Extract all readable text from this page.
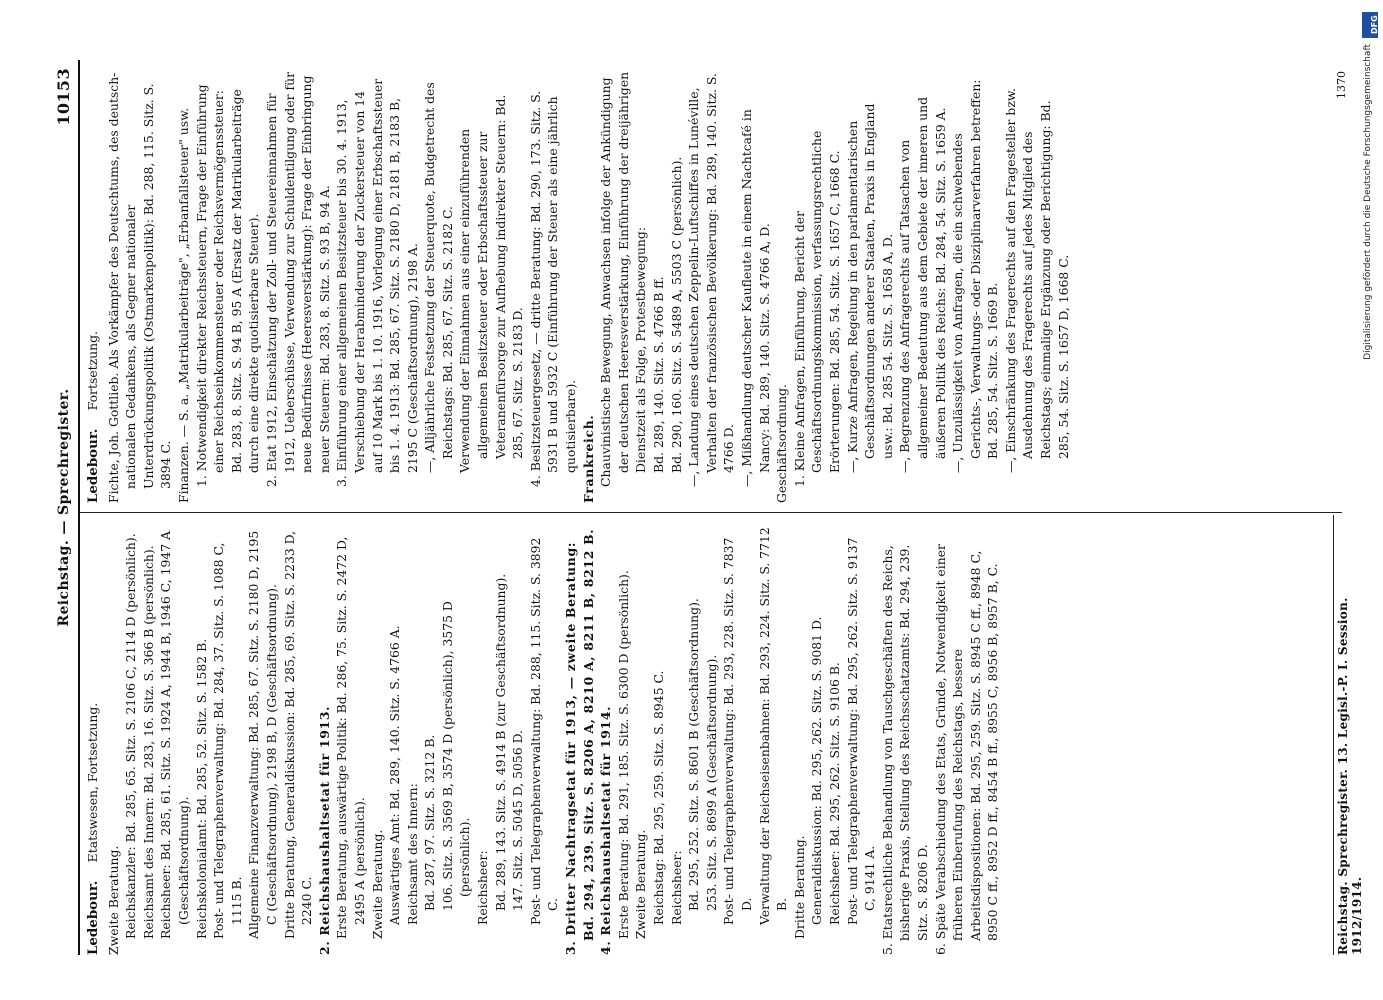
Reichstag. — Sprechregister.
10153
Ledebour. Etatswesen, Fortsetzung.

Zweite Beratung. Reichskanzler: Bd. 285, 65. Sitz. S. 2106 C, 2114 D (persönlich). Reichsamt des Innern: Bd. 283, 16. Sitz. S. 366 B (persönlich). Reichsheer: Bd. 285, 61. Sitz. S. 1924 A, 1944 B, 1946 C, 1947 A (Geschäftsordnung). Reichskolonialamt: Bd. 285, 52. Sitz. S. 1582 B. Post- und Telegraphenverwaltung: Bd. 284, 37. Sitz. S. 1088 C, 1115 B. Allgemeine Finanzverwaltung: Bd. 285, 67. Sitz. S. 2180 D, 2195 C (Geschäftsordnung), 2198 B, D (Geschäftsordnung). Dritte Beratung, Generaldiskussion: Bd. 285, 69. Sitz. S. 2233 D, 2240 C. 2. Reichshaushaltsetat für 1913. Erste Beratung, auswärtige Politik: Bd. 286, 75. Sitz. S. 2472 D, 2495 A (persönlich). Zweite Beratung. Auswärtiges Amt: Bd. 289, 140. Sitz. S. 4766 A. Reichsamt des Innern: Bd. 287, 97. Sitz. S. 3212 B. 106. Sitz. S. 3569 B, 3574 D (persönlich), 3575 D (persönlich). Reichsheer: Bd. 289, 143. Sitz. S. 4914 B (zur Geschäftsordnung). 147. Sitz. S. 5045 D, 5056 D. Post- und Telegraphenverwaltung: Bd. 288, 115. Sitz. S. 3892 C. 3. Dritter Nachtragsetat für 1913, — zweite Beratung: Bd. 294, 239. Sitz. S. 8206 A, 8210 A, 8211 B, 8212 B. 4. Reichshaushaltsetat für 1914. Erste Beratung: Bd. 291, 185. Sitz. S. 6300 D (persönlich). Zweite Beratung. Reichstag: Bd. 295, 259. Sitz. S. 8945 C. Reichsheer: Bd. 295, 252. Sitz. S. 8601 B (Geschäftsordnung). 253. Sitz. S. 8699 A (Geschäftsordnung). Post- und Telegraphenverwaltung: Bd. 293, 228. Sitz. S. 7837 D. Verwaltung der Reichseisenbahnen: Bd. 293, 224. Sitz. S. 7712 B. Dritte Beratung. Generaldiskussion: Bd. 295, 262. Sitz. S. 9081 D. Reichsheer: Bd. 295, 262. Sitz. S. 9106 B. Post- und Telegraphenverwaltung: Bd. 295, 262. Sitz. S. 9137 C, 9141 A. 5. Etatsrechtliche Behandlung von Tauschgeschäften des Reichs, bisherige Praxis, Stellung des Reichsschatzamts: Bd. 294, 239. Sitz. S. 8206 D. 6. Späte Verabschiedung des Etats, Gründe, Notwendigkeit einer früheren Einberufung des Reichstags, bessere Arbeitsdispositionen: Bd. 295, 259. Sitz. S. 8945 C ff., 8948 C, 8950 C ff., 8952 D ff., 8454 B ff., 8955 C, 8956 B, 8957 B, C.

Ledebour. Fortsetzung. Fichte, Joh. Gottlieb. Als Vorkämpfer des Deutschtums, des deutsch-nationalen Gedankens, als Gegner nationaler Unterdrückungspolitik (Ostmarkenpolitik): Bd. 288, 115. Sitz. S. 3894 C. Finanzen. — S. a. „Matrikularbeiträge", „Erbanfallsteuer" usw. 1. Notwendigkeit direkter Reichssteuern, Frage der Einführung einer Reichseinkommensteuer oder Reichsvermögenssteuer: Bd. 283, 8. Sitz. S. 94 B, 95 A (Ersatz der Matrikularbeiträge durch eine direkte quotisierbare Steuer). 2. Etat 1912, Einschätzung der Zoll- und Steuereinnahmen für 1912, Ueberschüsse, Verwendung zur Schuldentilgung oder für neue Bedürfnisse (Heeresverstärkung): Frage der Einbringung neuer Steuern: Bd. 283, 8. Sitz. S. 93 B, 94 A. 3. Einführung einer allgemeinen Besitzsteuer bis 30. 4. 1913, Verschiebung der Herabminderung der Zuckersteuer von 14 auf 10 Mark bis 1. 10. 1916, Vorlegung einer Erbschaftssteuer bis 1. 4. 1913: Bd. 285, 67. Sitz. S. 2180 D, 2181 B, 2183 B, 2195 C (Geschäftsordnung), 2198 A. —, Alljährliche Festsetzung der Steuerquote, Budgetrecht des Reichstags: Bd. 285, 67. Sitz. S. 2182 C. Verwendung der Einnahmen aus einer einzuführenden allgemeinen Besitzsteuer oder Erbschaftssteuer zur Veteranenfürsorge zur Aufhebung indirekter Steuern: Bd. 285, 67. Sitz. S. 2183 D. 4. Besitzsteuergesetz, — dritte Beratung: Bd. 290, 173. Sitz. S. 5931 B und 5932 C (Einführung der Steuer als eine jährlich quotisierbare). Frankreich. Chauvinistische Bewegung, Anwachsen infolge der Ankündigung der deutschen Heeresverstärkung, Einführung der dreijährigen Dienstzeit als Folge, Protestbewegung: Bd. 289, 140. Sitz. S. 4766 B ff. Bd. 290, 160. Sitz. S. 5489 A, 5503 C (persönlich). —, Landung eines deutschen Zeppelin-Luftschiffes in Lunéville, Verhalten der französischen Bevölkerung: Bd. 289, 140. Sitz. S. 4766 D. —, Mißhandlung deutscher Kaufleute in einem Nachtcafé in Nancy: Bd. 289, 140. Sitz. S. 4766 A, D. Geschäftsordnung. 1. Kleine Anfragen, Einführung, Bericht der Geschäftsordnungskommission, verfassungsrechtliche Erörterungen: Bd. 285, 54. Sitz. S. 1657 C, 1668 C. —, Kurze Anfragen, Regelung in den parlamentarischen Geschäftsordnungen anderer Staaten, Praxis in England usw.: Bd. 285 54. Sitz. S. 1658 A, D. —, Begrenzung des Anfragerechts auf Tatsachen von allgemeiner Bedeutung aus dem Gebiete der inneren und äußeren Politik des Reichs: Bd. 284, 54. Sitz. S. 1659 A. —, Unzulässigkeit von Anfragen, die ein schwebendes Gerichts-, Verwaltungs- oder Disziplinarverfahren betreffen: Bd. 285, 54. Sitz. S. 1669 B. —, Einschränkung des Fragerechts auf den Fragesteller bzw. Ausdehnung des Fragerechts auf jedes Mitglied des Reichstags; einmalige Ergänzung oder Berichtigung: Bd. 285, 54. Sitz. S. 1657 D, 1668 C.

Reichstag. Sprechregister. 13. Legisl.-P. I. Session. 1912/1914.
1370
DFG
Digitalisierung gefördert durch die Deutsche Forschungsgemeinschaft
